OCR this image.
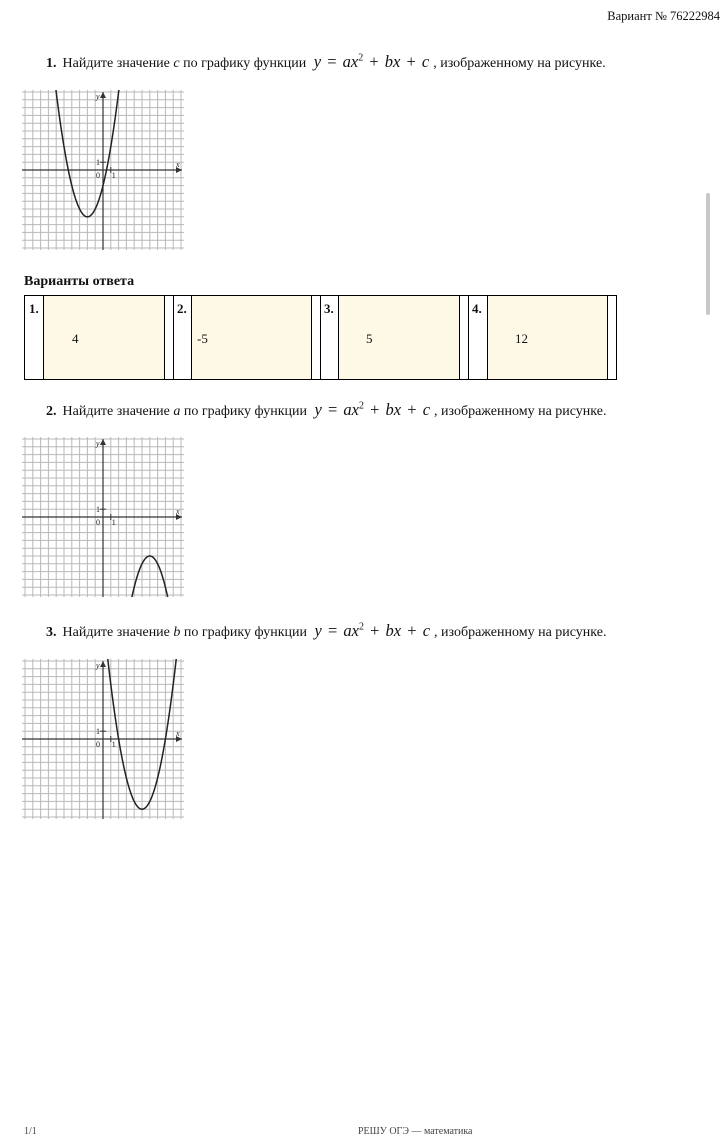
Вариант № 76222984
1. Найдите значение c по графику функции $y = ax^2$ + bx + c , изображенному на рисунке.
y
x
0 1
1
Варианты ответа
1.
4
2.
-5
3.
5
4.
12
2. Найдите значение a по графику функции $y = ax^2$ + bx + c , изображенному на рисунке.
y
x
0 1
1
3. Найдите значение b по графику функции $y = ax^2$ + bx + c , изображенному на рисунке.
y
x
0 1
1
1/1	РЕШУ ОГЭ — математика
